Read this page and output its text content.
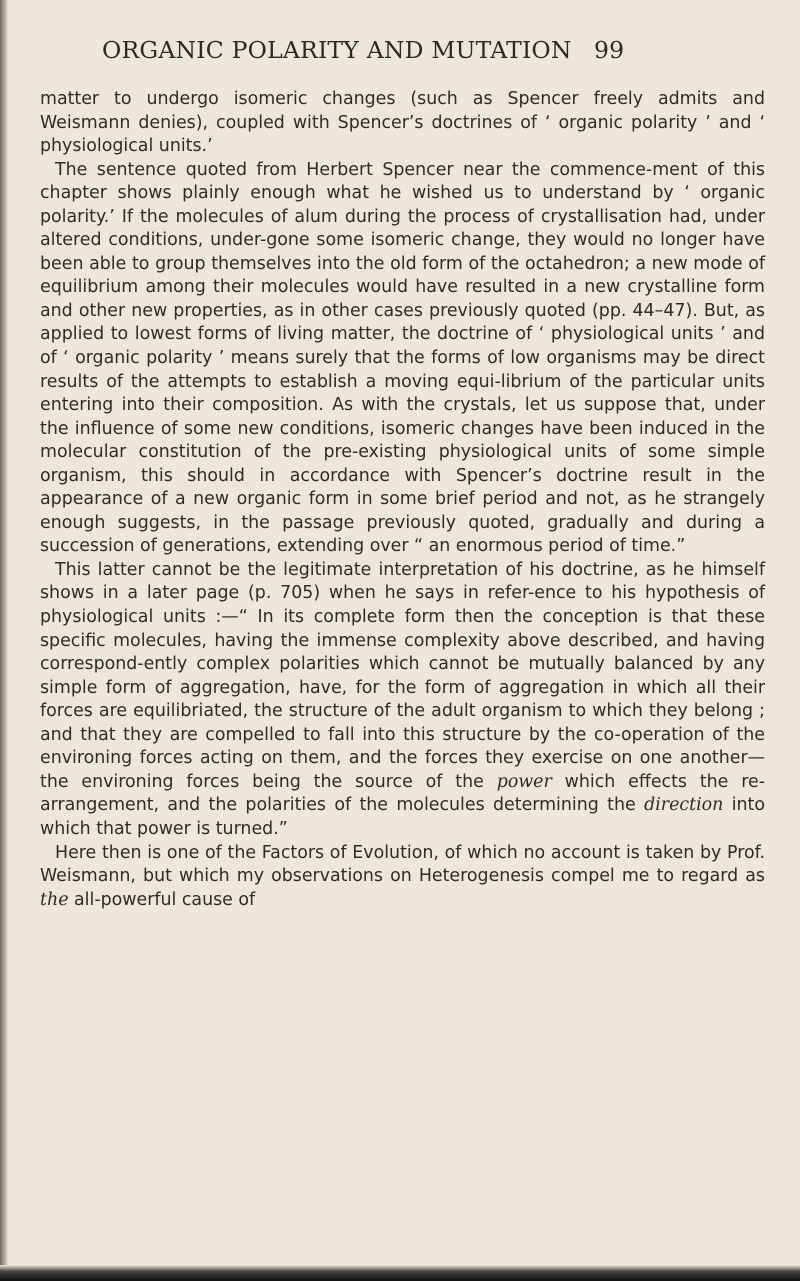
ORGANIC POLARITY AND MUTATION 99

matter to undergo isomeric changes (such as Spencer freely admits and Weismann denies), coupled with Spencer’s doctrines of ‘ organic polarity ’ and ‘ physiological units.’

The sentence quoted from Herbert Spencer near the commence-ment of this chapter shows plainly enough what he wished us to understand by ‘ organic polarity.’ If the molecules of alum during the process of crystallisation had, under altered conditions, under-gone some isomeric change, they would no longer have been able to group themselves into the old form of the octahedron; a new mode of equilibrium among their molecules would have resulted in a new crystalline form and other new properties, as in other cases previously quoted (pp. 44–47). But, as applied to lowest forms of living matter, the doctrine of ‘ physiological units ’ and of ‘ organic polarity ’ means surely that the forms of low organisms may be direct results of the attempts to establish a moving equi-librium of the particular units entering into their composition. As with the crystals, let us suppose that, under the influence of some new conditions, isomeric changes have been induced in the molecular constitution of the pre-existing physiological units of some simple organism, this should in accordance with Spencer’s doctrine result in the appearance of a new organic form in some brief period and not, as he strangely enough suggests, in the passage previously quoted, gradually and during a succession of generations, extending over “ an enormous period of time.”

This latter cannot be the legitimate interpretation of his doctrine, as he himself shows in a later page (p. 705) when he says in refer-ence to his hypothesis of physiological units :—“ In its complete form then the conception is that these specific molecules, having the immense complexity above described, and having correspond-ently complex polarities which cannot be mutually balanced by any simple form of aggregation, have, for the form of aggregation in which all their forces are equilibriated, the structure of the adult organism to which they belong ; and that they are compelled to fall into this structure by the co-operation of the environing forces acting on them, and the forces they exercise on one another—the environing forces being the source of the power which effects the re-arrangement, and the polarities of the molecules determining the direction into which that power is turned.”

Here then is one of the Factors of Evolution, of which no account is taken by Prof. Weismann, but which my observations on Heterogenesis compel me to regard as the all-powerful cause of
